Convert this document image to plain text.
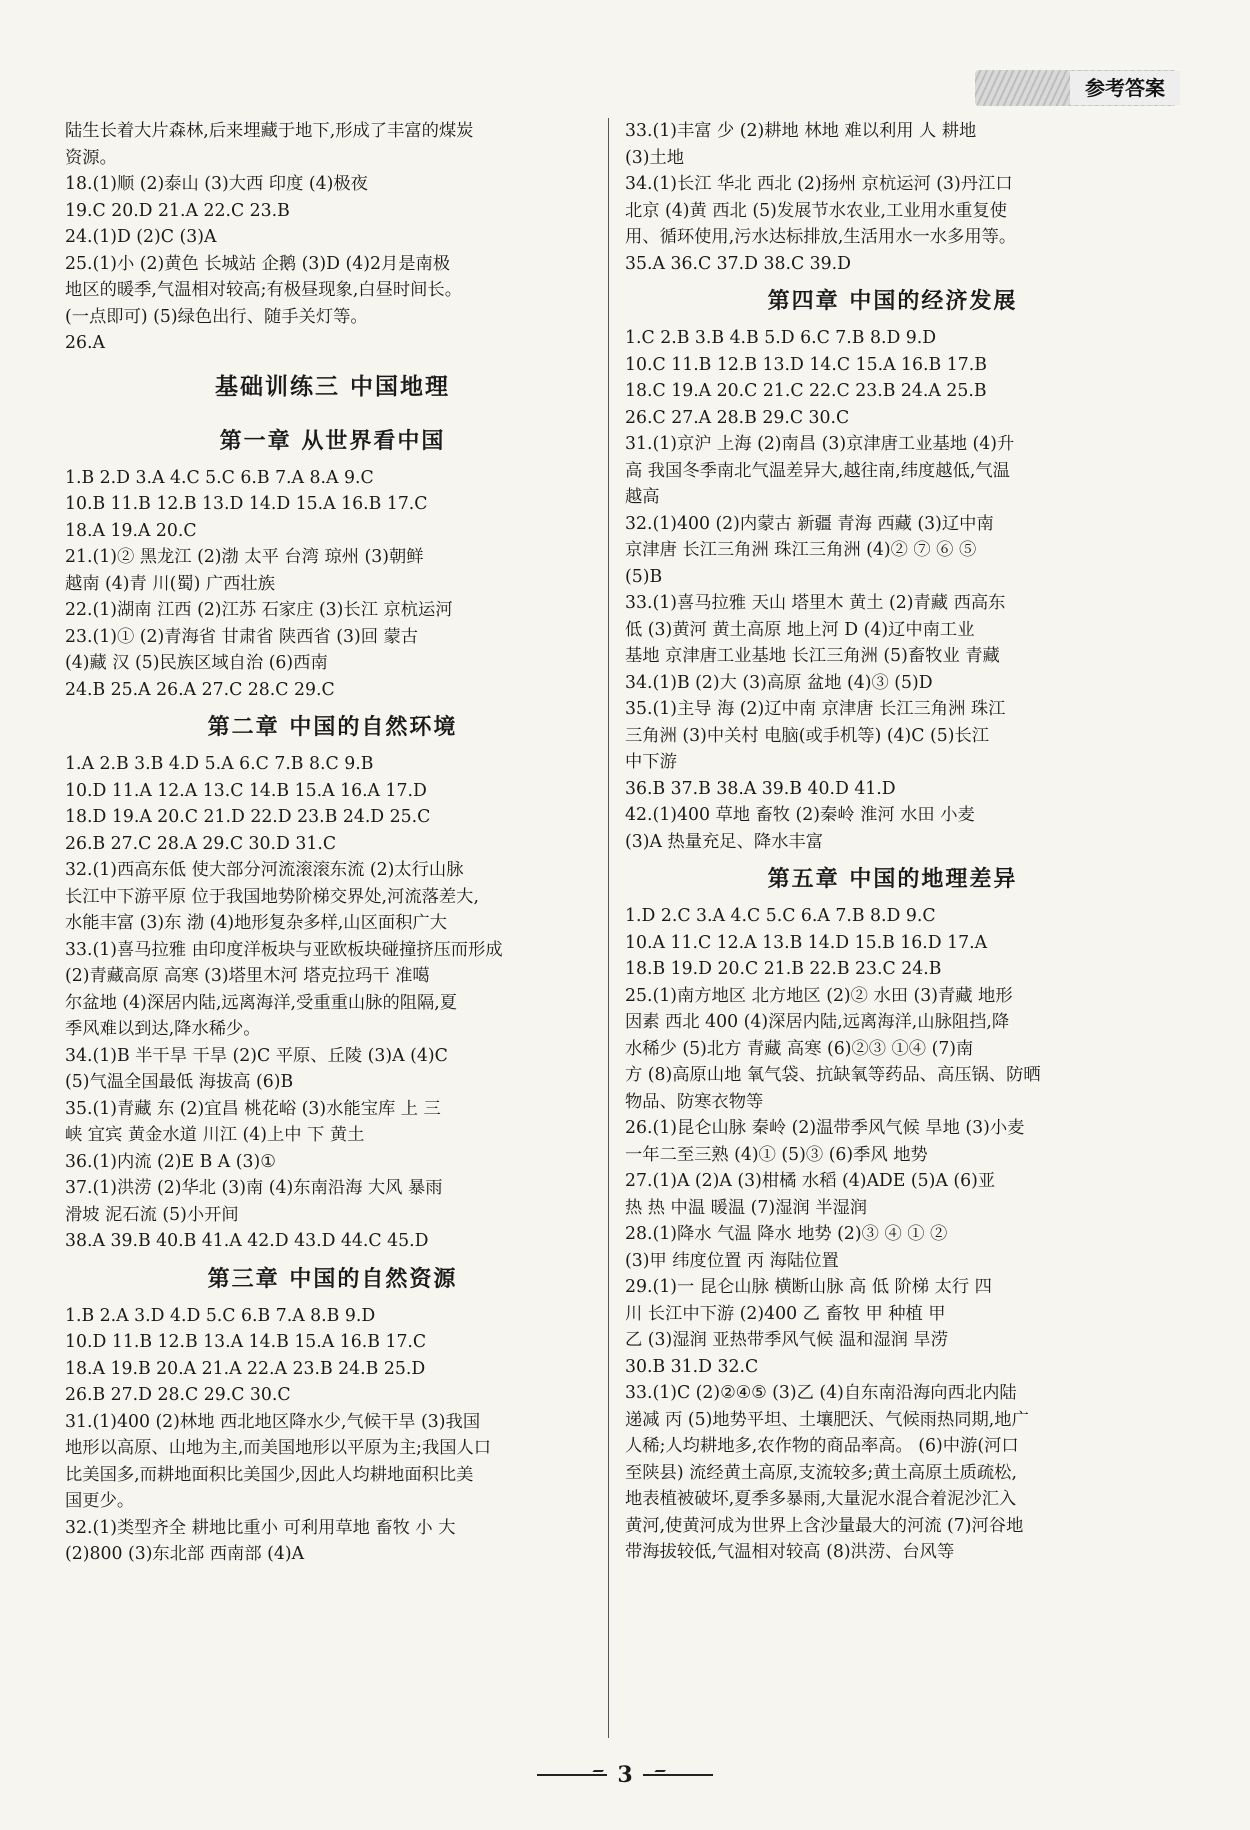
参考答案
陆生长着大片森林,后来埋藏于地下,形成了丰富的煤炭
资源。
18.(1)顺 (2)泰山 (3)大西 印度 (4)极夜
19.C 20.D 21.A 22.C 23.B
24.(1)D (2)C (3)A
25.(1)小 (2)黄色 长城站 企鹅 (3)D (4)2月是南极
地区的暖季,气温相对较高;有极昼现象,白昼时间长。
(一点即可) (5)绿色出行、随手关灯等。
26.A
基础训练三 中国地理
第一章 从世界看中国
1.B 2.D 3.A 4.C 5.C 6.B 7.A 8.A 9.C
10.B 11.B 12.B 13.D 14.D 15.A 16.B 17.C
18.A 19.A 20.C
21.(1)② 黑龙江 (2)渤 太平 台湾 琼州 (3)朝鲜
越南 (4)青 川(蜀) 广西壮族
22.(1)湖南 江西 (2)江苏 石家庄 (3)长江 京杭运河
23.(1)① (2)青海省 甘肃省 陕西省 (3)回 蒙古
(4)藏 汉 (5)民族区域自治 (6)西南
24.B 25.A 26.A 27.C 28.C 29.C
第二章 中国的自然环境
1.A 2.B 3.B 4.D 5.A 6.C 7.B 8.C 9.B
10.D 11.A 12.A 13.C 14.B 15.A 16.A 17.D
18.D 19.A 20.C 21.D 22.D 23.B 24.D 25.C
26.B 27.C 28.A 29.C 30.D 31.C
32.(1)西高东低 使大部分河流滚滚东流 (2)太行山脉
长江中下游平原 位于我国地势阶梯交界处,河流落差大,
水能丰富 (3)东 渤 (4)地形复杂多样,山区面积广大
33.(1)喜马拉雅 由印度洋板块与亚欧板块碰撞挤压而形成
(2)青藏高原 高寒 (3)塔里木河 塔克拉玛干 准噶
尔盆地 (4)深居内陆,远离海洋,受重重山脉的阻隔,夏
季风难以到达,降水稀少。
34.(1)B 半干旱 干旱 (2)C 平原、丘陵 (3)A (4)C
(5)气温全国最低 海拔高 (6)B
35.(1)青藏 东 (2)宜昌 桃花峪 (3)水能宝库 上 三
峡 宜宾 黄金水道 川江 (4)上中 下 黄土
36.(1)内流 (2)E B A (3)①
37.(1)洪涝 (2)华北 (3)南 (4)东南沿海 大风 暴雨
滑坡 泥石流 (5)小开间
38.A 39.B 40.B 41.A 42.D 43.D 44.C 45.D
第三章 中国的自然资源
1.B 2.A 3.D 4.D 5.C 6.B 7.A 8.B 9.D
10.D 11.B 12.B 13.A 14.B 15.A 16.B 17.C
18.A 19.B 20.A 21.A 22.A 23.B 24.B 25.D
26.B 27.D 28.C 29.C 30.C
31.(1)400 (2)林地 西北地区降水少,气候干旱 (3)我国
地形以高原、山地为主,而美国地形以平原为主;我国人口
比美国多,而耕地面积比美国少,因此人均耕地面积比美
国更少。
32.(1)类型齐全 耕地比重小 可利用草地 畜牧 小 大
(2)800 (3)东北部 西南部 (4)A
33.(1)丰富 少 (2)耕地 林地 难以利用 人 耕地
(3)土地
34.(1)长江 华北 西北 (2)扬州 京杭运河 (3)丹江口
北京 (4)黄 西北 (5)发展节水农业,工业用水重复使
用、循环使用,污水达标排放,生活用水一水多用等。
35.A 36.C 37.D 38.C 39.D
第四章 中国的经济发展
1.C 2.B 3.B 4.B 5.D 6.C 7.B 8.D 9.D
10.C 11.B 12.B 13.D 14.C 15.A 16.B 17.B
18.C 19.A 20.C 21.C 22.C 23.B 24.A 25.B
26.C 27.A 28.B 29.C 30.C
31.(1)京沪 上海 (2)南昌 (3)京津唐工业基地 (4)升
高 我国冬季南北气温差异大,越往南,纬度越低,气温
越高
32.(1)400 (2)内蒙古 新疆 青海 西藏 (3)辽中南
京津唐 长江三角洲 珠江三角洲 (4)② ⑦ ⑥ ⑤
(5)B
33.(1)喜马拉雅 天山 塔里木 黄土 (2)青藏 西高东
低 (3)黄河 黄土高原 地上河 D (4)辽中南工业
基地 京津唐工业基地 长江三角洲 (5)畜牧业 青藏
34.(1)B (2)大 (3)高原 盆地 (4)③ (5)D
35.(1)主导 海 (2)辽中南 京津唐 长江三角洲 珠江
三角洲 (3)中关村 电脑(或手机等) (4)C (5)长江
中下游
36.B 37.B 38.A 39.B 40.D 41.D
42.(1)400 草地 畜牧 (2)秦岭 淮河 水田 小麦
(3)A 热量充足、降水丰富
第五章 中国的地理差异
1.D 2.C 3.A 4.C 5.C 6.A 7.B 8.D 9.C
10.A 11.C 12.A 13.B 14.D 15.B 16.D 17.A
18.B 19.D 20.C 21.B 22.B 23.C 24.B
25.(1)南方地区 北方地区 (2)② 水田 (3)青藏 地形
因素 西北 400 (4)深居内陆,远离海洋,山脉阻挡,降
水稀少 (5)北方 青藏 高寒 (6)②③ ①④ (7)南
方 (8)高原山地 氧气袋、抗缺氧等药品、高压锅、防晒
物品、防寒衣物等
26.(1)昆仑山脉 秦岭 (2)温带季风气候 旱地 (3)小麦
一年二至三熟 (4)① (5)③ (6)季风 地势
27.(1)A (2)A (3)柑橘 水稻 (4)ADE (5)A (6)亚
热 热 中温 暖温 (7)湿润 半湿润
28.(1)降水 气温 降水 地势 (2)③ ④ ① ②
(3)甲 纬度位置 丙 海陆位置
29.(1)一 昆仑山脉 横断山脉 高 低 阶梯 太行 四
川 长江中下游 (2)400 乙 畜牧 甲 种植 甲
乙 (3)湿润 亚热带季风气候 温和湿润 旱涝
30.B 31.D 32.C
33.(1)C (2)②④⑤ (3)乙 (4)自东南沿海向西北内陆
递减 丙 (5)地势平坦、土壤肥沃、气候雨热同期,地广
人稀;人均耕地多,农作物的商品率高。 (6)中游(河口
至陕县) 流经黄土高原,支流较多;黄土高原土质疏松,
地表植被破坏,夏季多暴雨,大量泥水混合着泥沙汇入
黄河,使黄河成为世界上含沙量最大的河流 (7)河谷地
带海拔较低,气温相对较高 (8)洪涝、台风等
3
